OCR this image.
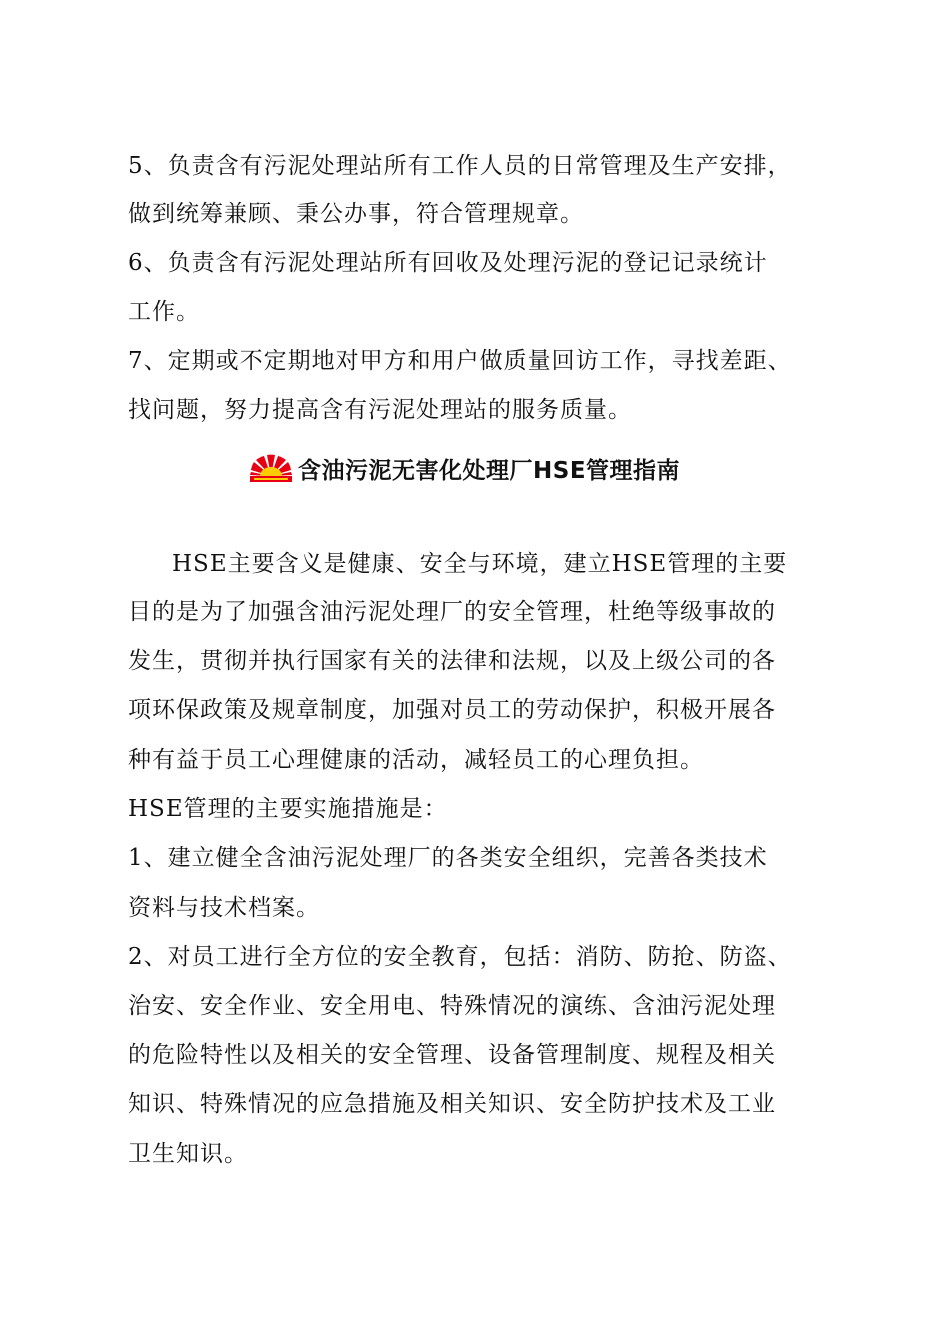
5、负责含有污泥处理站所有工作人员的日常管理及生产安排，
做到统筹兼顾、秉公办事，符合管理规章。
6、负责含有污泥处理站所有回收及处理污泥的登记记录统计
工作。
7、定期或不定期地对甲方和用户做质量回访工作，寻找差距、
找问题，努力提高含有污泥处理站的服务质量。
含油污泥无害化处理厂HSE管理指南
HSE主要含义是健康、安全与环境，建立HSE管理的主要
目的是为了加强含油污泥处理厂的安全管理，杜绝等级事故的
发生，贯彻并执行国家有关的法律和法规，以及上级公司的各
项环保政策及规章制度，加强对员工的劳动保护，积极开展各
种有益于员工心理健康的活动，减轻员工的心理负担。
HSE管理的主要实施措施是：
1、建立健全含油污泥处理厂的各类安全组织，完善各类技术
资料与技术档案。
2、对员工进行全方位的安全教育，包括：消防、防抢、防盗、
治安、安全作业、安全用电、特殊情况的演练、含油污泥处理
的危险特性以及相关的安全管理、设备管理制度、规程及相关
知识、特殊情况的应急措施及相关知识、安全防护技术及工业
卫生知识。
